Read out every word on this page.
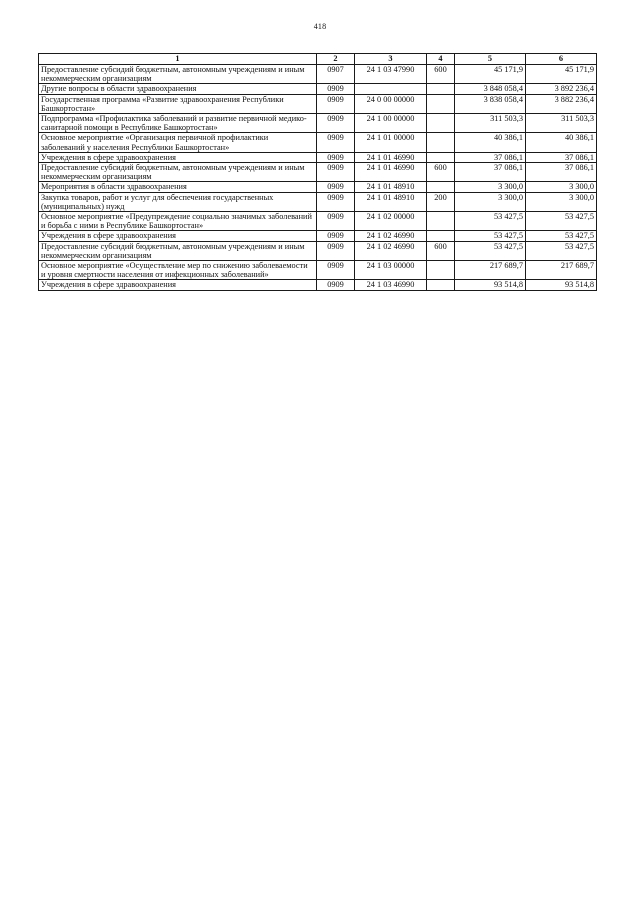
418
1	2	3	4	5	6
Предоставление субсидий бюджетным, автономным учреждениям и иным некоммерческим организациям	0907	24 1 03 47990	600	45 171,9	45 171,9
Другие вопросы в области здравоохранения	0909			3 848 058,4	3 892 236,4
Государственная программа «Развитие здравоохранения Республики Башкортостан»	0909	24 0 00 00000		3 838 058,4	3 882 236,4
Подпрограмма «Профилактика заболеваний и развитие первичной медико-санитарной помощи в Республике Башкортостан»	0909	24 1 00 00000		311 503,3	311 503,3
Основное мероприятие «Организация первичной профилактики заболеваний у населения Республики Башкортостан»	0909	24 1 01 00000		40 386,1	40 386,1
Учреждения в сфере здравоохранения	0909	24 1 01 46990		37 086,1	37 086,1
Предоставление субсидий бюджетным, автономным учреждениям и иным некоммерческим организациям	0909	24 1 01 46990	600	37 086,1	37 086,1
Мероприятия в области здравоохранения	0909	24 1 01 48910		3 300,0	3 300,0
Закупка товаров, работ и услуг для обеспечения государственных (муниципальных) нужд	0909	24 1 01 48910	200	3 300,0	3 300,0
Основное мероприятие «Предупреждение социально значимых заболеваний и борьба с ними в Республике Башкортостан»	0909	24 1 02 00000		53 427,5	53 427,5
Учреждения в сфере здравоохранения	0909	24 1 02 46990		53 427,5	53 427,5
Предоставление субсидий бюджетным, автономным учреждениям и иным некоммерческим организациям	0909	24 1 02 46990	600	53 427,5	53 427,5
Основное мероприятие «Осуществление мер по снижению заболеваемости и уровня смертности населения от инфекционных заболеваний»	0909	24 1 03 00000		217 689,7	217 689,7
Учреждения в сфере здравоохранения	0909	24 1 03 46990		93 514,8	93 514,8
